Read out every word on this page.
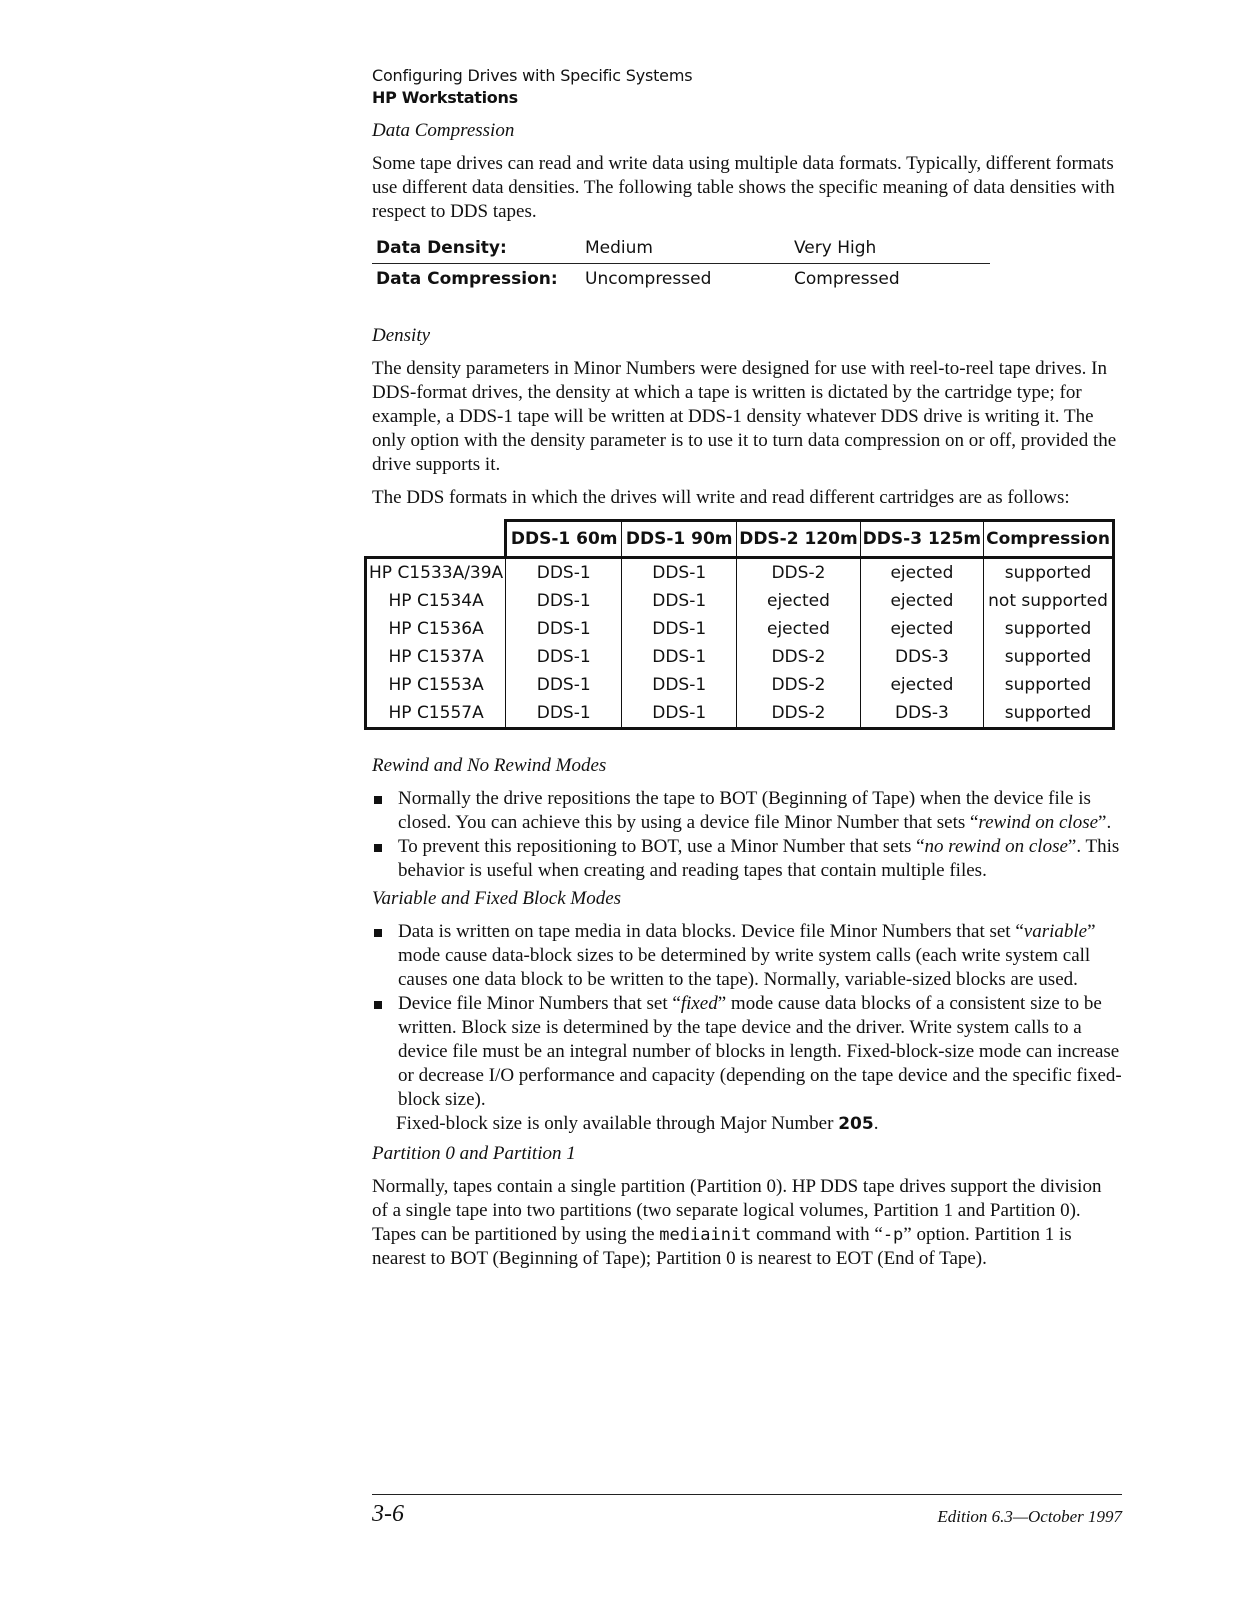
Configuring Drives with Specific Systems
HP Workstations
Data Compression

Some tape drives can read and write data using multiple data formats. Typically, different formats use different data densities. The following table shows the specific meaning of data densities with respect to DDS tapes.

Data Density:	Medium	Very High
Data Compression:	Uncompressed	Compressed
Density

The density parameters in Minor Numbers were designed for use with reel-to-reel tape drives. In DDS-format drives, the density at which a tape is written is dictated by the cartridge type; for example, a DDS-1 tape will be written at DDS-1 density whatever DDS drive is writing it. The only option with the density parameter is to use it to turn data compression on or off, provided the drive supports it.

The DDS formats in which the drives will write and read different cartridges are as follows:

	DDS-1 60m	DDS-1 90m	DDS-2 120m	DDS-3 125m	Compression
HP C1533A/39A	DDS-1	DDS-1	DDS-2	ejected	supported
HP C1534A	DDS-1	DDS-1	ejected	ejected	not supported
HP C1536A	DDS-1	DDS-1	ejected	ejected	supported
HP C1537A	DDS-1	DDS-1	DDS-2	DDS-3	supported
HP C1553A	DDS-1	DDS-1	DDS-2	ejected	supported
HP C1557A	DDS-1	DDS-1	DDS-2	DDS-3	supported
Rewind and No Rewind Modes
Normally the drive repositions the tape to BOT (Beginning of Tape) when the device file is closed. You can achieve this by using a device file Minor Number that sets “rewind on close”.
To prevent this repositioning to BOT, use a Minor Number that sets “no rewind on close”. This behavior is useful when creating and reading tapes that contain multiple files.
Variable and Fixed Block Modes
Data is written on tape media in data blocks. Device file Minor Numbers that set “variable” mode cause data-block sizes to be determined by write system calls (each write system call causes one data block to be written to the tape). Normally, variable-sized blocks are used.
Device file Minor Numbers that set “fixed” mode cause data blocks of a consistent size to be written. Block size is determined by the tape device and the driver. Write system calls to a device file must be an integral number of blocks in length. Fixed-block-size mode can increase or decrease I/O performance and capacity (depending on the tape device and the specific fixed-block size).

Fixed-block size is only available through Major Number 205.

Partition 0 and Partition 1

Normally, tapes contain a single partition (Partition 0). HP DDS tape drives support the division of a single tape into two partitions (two separate logical volumes, Partition 1 and Partition 0). Tapes can be partitioned by using the mediainit command with “-p” option. Partition 1 is nearest to BOT (Beginning of Tape); Partition 0 is nearest to EOT (End of Tape).

3-6	Edition 6.3—October 1997
